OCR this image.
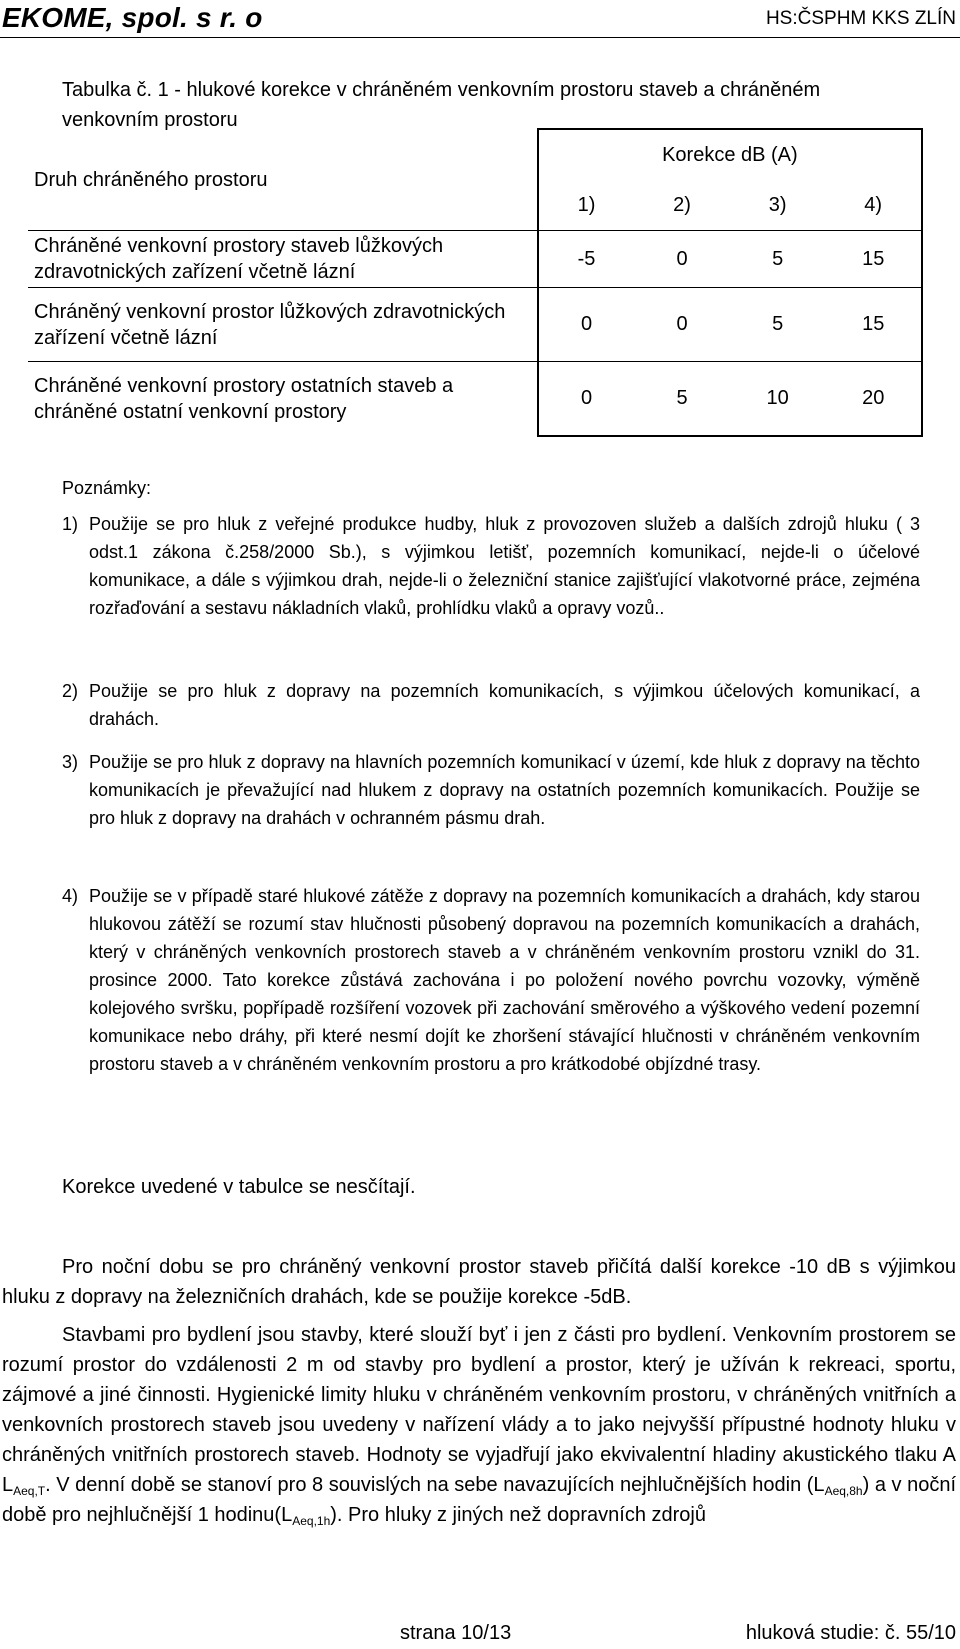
EKOME, spol. s r. o	HS:ČSPHM KKS ZLÍN
Tabulka č. 1 - hlukové korekce v chráněném venkovním prostoru staveb a chráněném venkovním prostoru
Druh chráněného prostoru	Korekce dB (A)			
	1)	2)	3)	4)
Chráněné venkovní prostory staveb lůžkových zdravotnických zařízení včetně lázní	-5	0	5	15
Chráněný venkovní prostor lůžkových zdravotnických zařízení včetně lázní	0	0	5	15
Chráněné venkovní prostory ostatních staveb a chráněné ostatní venkovní prostory	0	5	10	20
Poznámky:
1) Použije se pro hluk z veřejné produkce hudby, hluk z provozoven služeb a dalších zdrojů hluku ( 3 odst.1 zákona č.258/2000 Sb.), s výjimkou letišť, pozemních komunikací, nejde-li o účelové komunikace, a dále s výjimkou drah, nejde-li o železniční stanice zajišťující vlakotvorné práce, zejména rozřaďování a sestavu nákladních vlaků, prohlídku vlaků a opravy vozů..
2) Použije se pro hluk z dopravy na pozemních komunikacích, s výjimkou účelových komunikací, a drahách.
3) Použije se pro hluk z dopravy na hlavních pozemních komunikací v území, kde hluk z dopravy na těchto komunikacích je převažující nad hlukem z dopravy na ostatních pozemních komunikacích. Použije se pro hluk z dopravy na drahách v ochranném pásmu drah.
4) Použije se v případě staré hlukové zátěže z dopravy na pozemních komunikacích a drahách, kdy starou hlukovou zátěží se rozumí stav hlučnosti působený dopravou na pozemních komunikacích a drahách, který v chráněných venkovních prostorech staveb a v chráněném venkovním prostoru vznikl do 31. prosince 2000. Tato korekce zůstává zachována i po položení nového povrchu vozovky, výměně kolejového svršku, popřípadě rozšíření vozovek při zachování směrového a výškového vedení pozemní komunikace nebo dráhy, při které nesmí dojít ke zhoršení stávající hlučnosti v chráněném venkovním prostoru staveb a v chráněném venkovním prostoru a pro krátkodobé objízdné trasy.
Korekce uvedené v tabulce se nesčítají.
Pro noční dobu se pro chráněný venkovní prostor staveb přičítá další korekce -10 dB s výjimkou hluku z dopravy na železničních drahách, kde se použije korekce -5dB.
Stavbami pro bydlení jsou stavby, které slouží byť i jen z části pro bydlení. Venkovním prostorem se rozumí prostor do vzdálenosti 2 m od stavby pro bydlení a prostor, který je užíván k rekreaci, sportu, zájmové a jiné činnosti. Hygienické limity hluku v chráněném venkovním prostoru, v chráněných vnitřních a venkovních prostorech staveb jsou uvedeny v nařízení vlády a to jako nejvyšší přípustné hodnoty hluku v chráněných vnitřních prostorech staveb. Hodnoty se vyjadřují jako ekvivalentní hladiny akustického tlaku A $L_{Aeq,T}$. V denní době se stanoví pro 8 souvislých na sebe navazujících nejhlučnějších hodin $(L_{Aeq,8h})$ a v noční době pro nejhlučnější 1 $hodinu(L_{Aeq,1h})$. Pro hluky z jiných než dopravních zdrojů
strana 10/13	hluková studie: č. 55/10
